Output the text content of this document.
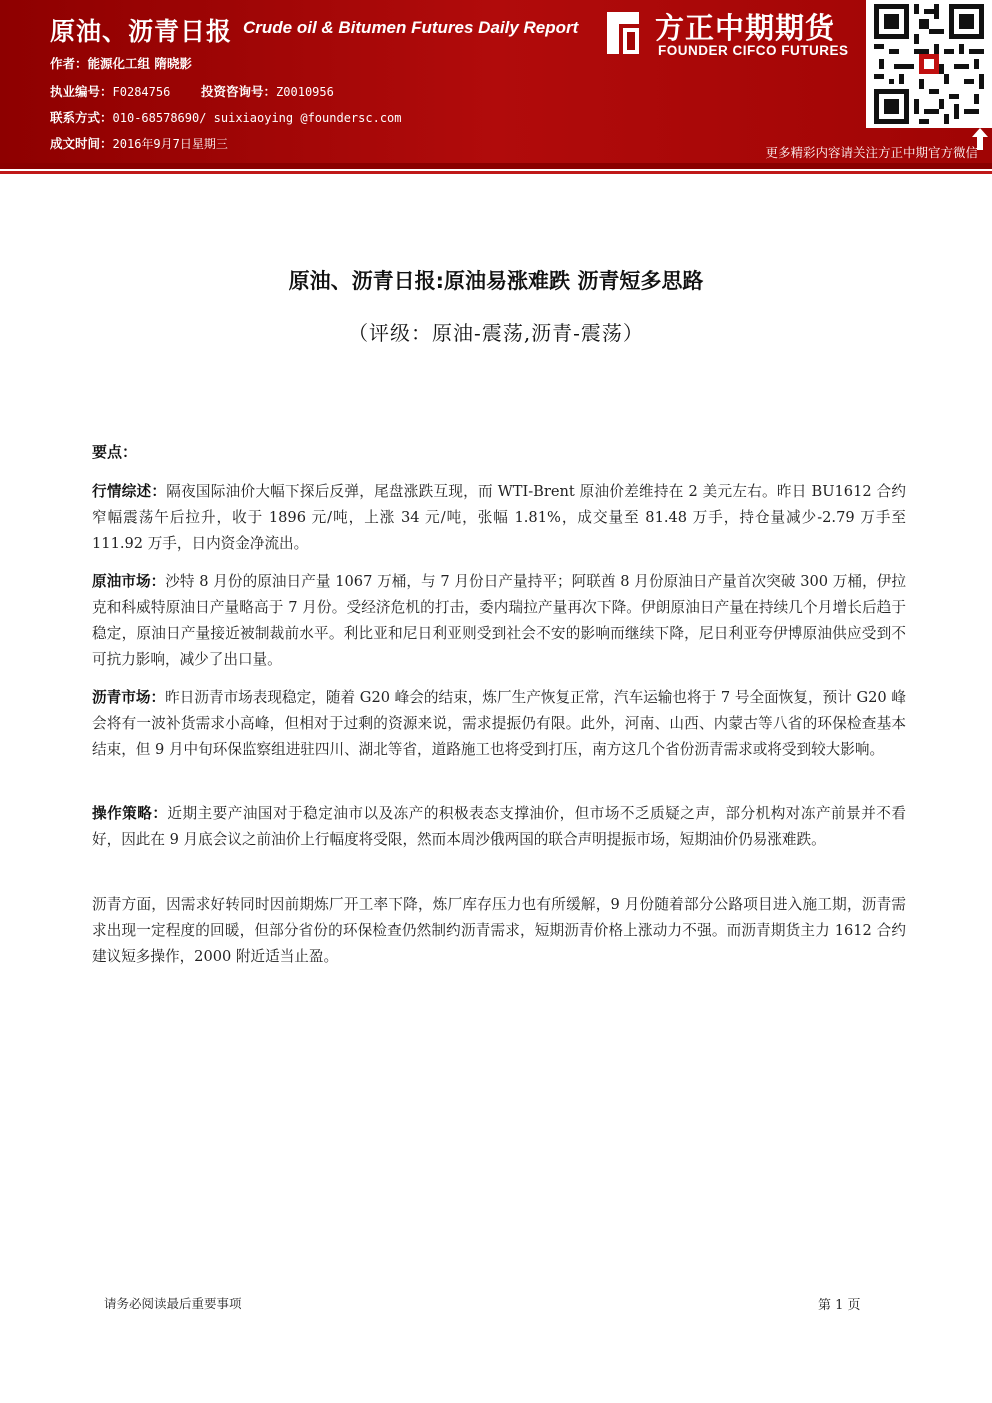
原油、沥青日报 Crude oil & Bitumen Futures Daily Report
作者：能源化工组 隋晓影
执业编号：F0284756 投资咨询号：Z0010956
联系方式：010-68578690/ suixiaoying @foundersc.com
成文时间：2016年9月7日星期三
方正中期期货
FOUNDER CIFCO FUTURES
更多精彩内容请关注方正中期官方微信
原油、沥青日报:原油易涨难跌 沥青短多思路
（评级：原油-震荡,沥青-震荡）
要点：
行情综述：隔夜国际油价大幅下探后反弹，尾盘涨跌互现，而 WTI-Brent 原油价差维持在 2 美元左右。昨日 BU1612 合约窄幅震荡午后拉升，收于 1896 元/吨，上涨 34 元/吨，张幅 1.81%，成交量至 81.48 万手，持仓量减少-2.79 万手至 111.92 万手，日内资金净流出。
原油市场：沙特 8 月份的原油日产量 1067 万桶，与 7 月份日产量持平；阿联酋 8 月份原油日产量首次突破 300 万桶，伊拉克和科威特原油日产量略高于 7 月份。受经济危机的打击，委内瑞拉产量再次下降。伊朗原油日产量在持续几个月增长后趋于稳定，原油日产量接近被制裁前水平。利比亚和尼日利亚则受到社会不安的影响而继续下降，尼日利亚夸伊博原油供应受到不可抗力影响，减少了出口量。
沥青市场：昨日沥青市场表现稳定，随着 G20 峰会的结束，炼厂生产恢复正常，汽车运输也将于 7 号全面恢复，预计 G20 峰会将有一波补货需求小高峰，但相对于过剩的资源来说，需求提振仍有限。此外，河南、山西、内蒙古等八省的环保检查基本结束，但 9 月中旬环保监察组进驻四川、湖北等省，道路施工也将受到打压，南方这几个省份沥青需求或将受到较大影响。
操作策略：近期主要产油国对于稳定油市以及冻产的积极表态支撑油价，但市场不乏质疑之声，部分机构对冻产前景并不看好，因此在 9 月底会议之前油价上行幅度将受限，然而本周沙俄两国的联合声明提振市场，短期油价仍易涨难跌。
沥青方面，因需求好转同时因前期炼厂开工率下降，炼厂库存压力也有所缓解，9 月份随着部分公路项目进入施工期，沥青需求出现一定程度的回暖，但部分省份的环保检查仍然制约沥青需求，短期沥青价格上涨动力不强。而沥青期货主力 1612 合约建议短多操作，2000 附近适当止盈。
请务必阅读最后重要事项	第 1 页
